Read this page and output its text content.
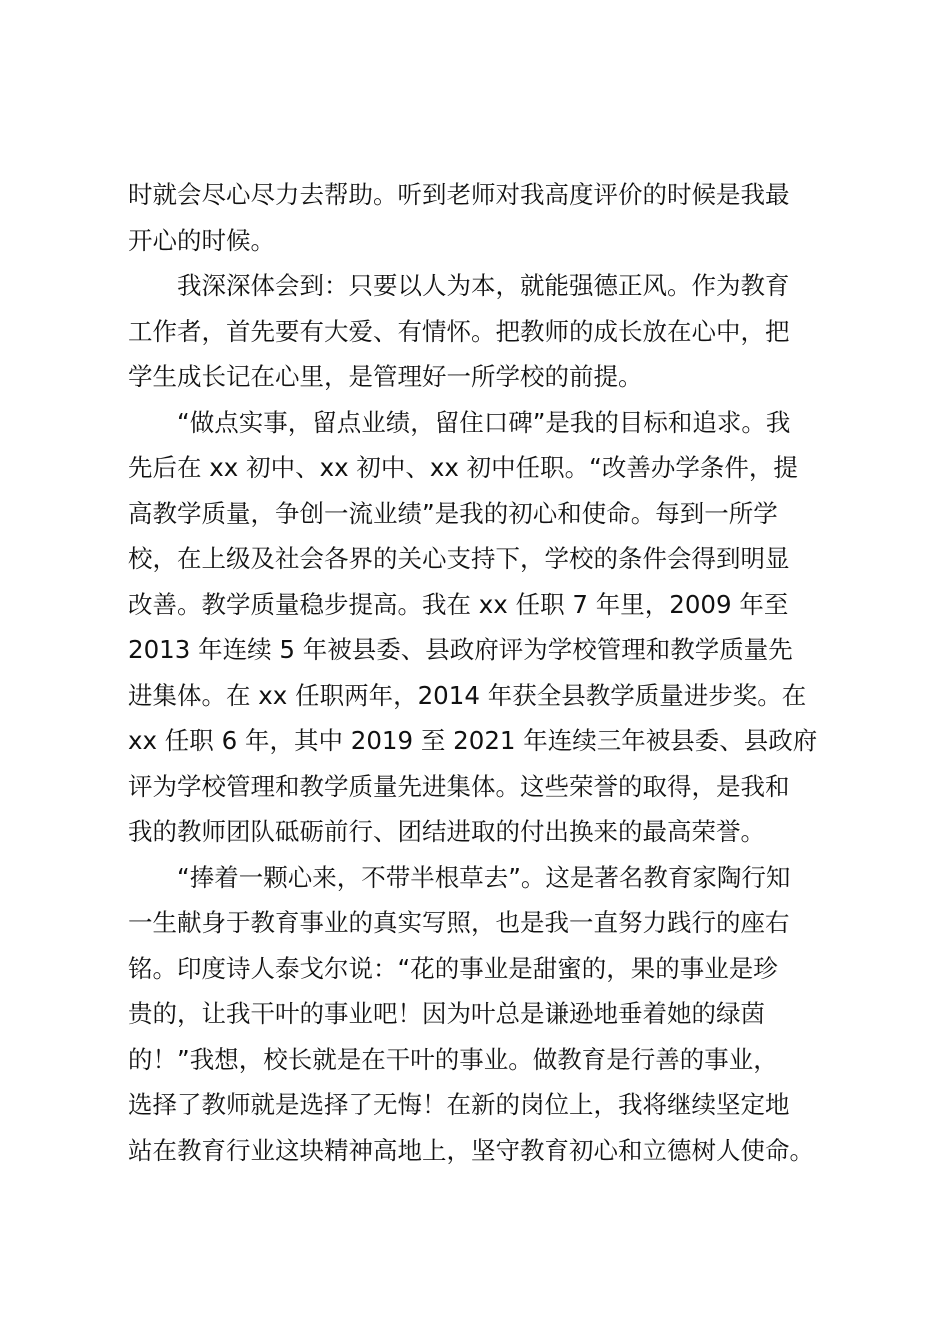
时就会尽心尽力去帮助。听到老师对我高度评价的时候是我最
开心的时候。

我深深体会到：只要以人为本，就能强德正风。作为教育
工作者，首先要有大爱、有情怀。把教师的成长放在心中，把
学生成长记在心里，是管理好一所学校的前提。

“做点实事，留点业绩，留住口碑”是我的目标和追求。我
先后在 xx 初中、xx 初中、xx 初中任职。“改善办学条件，提
高教学质量，争创一流业绩”是我的初心和使命。每到一所学
校，在上级及社会各界的关心支持下，学校的条件会得到明显
改善。教学质量稳步提高。我在 xx 任职 7 年里，2009 年至
2013 年连续 5 年被县委、县政府评为学校管理和教学质量先
进集体。在 xx 任职两年，2014 年获全县教学质量进步奖。在
xx 任职 6 年，其中 2019 至 2021 年连续三年被县委、县政府
评为学校管理和教学质量先进集体。这些荣誉的取得，是我和
我的教师团队砥砺前行、团结进取的付出换来的最高荣誉。

“捧着一颗心来，不带半根草去”。这是著名教育家陶行知
一生献身于教育事业的真实写照，也是我一直努力践行的座右
铭。印度诗人泰戈尔说：“花的事业是甜蜜的，果的事业是珍
贵的，让我干叶的事业吧！因为叶总是谦逊地垂着她的绿茵
的！”我想，校长就是在干叶的事业。做教育是行善的事业，
选择了教师就是选择了无悔！在新的岗位上，我将继续坚定地
站在教育行业这块精神高地上，坚守教育初心和立德树人使命。
